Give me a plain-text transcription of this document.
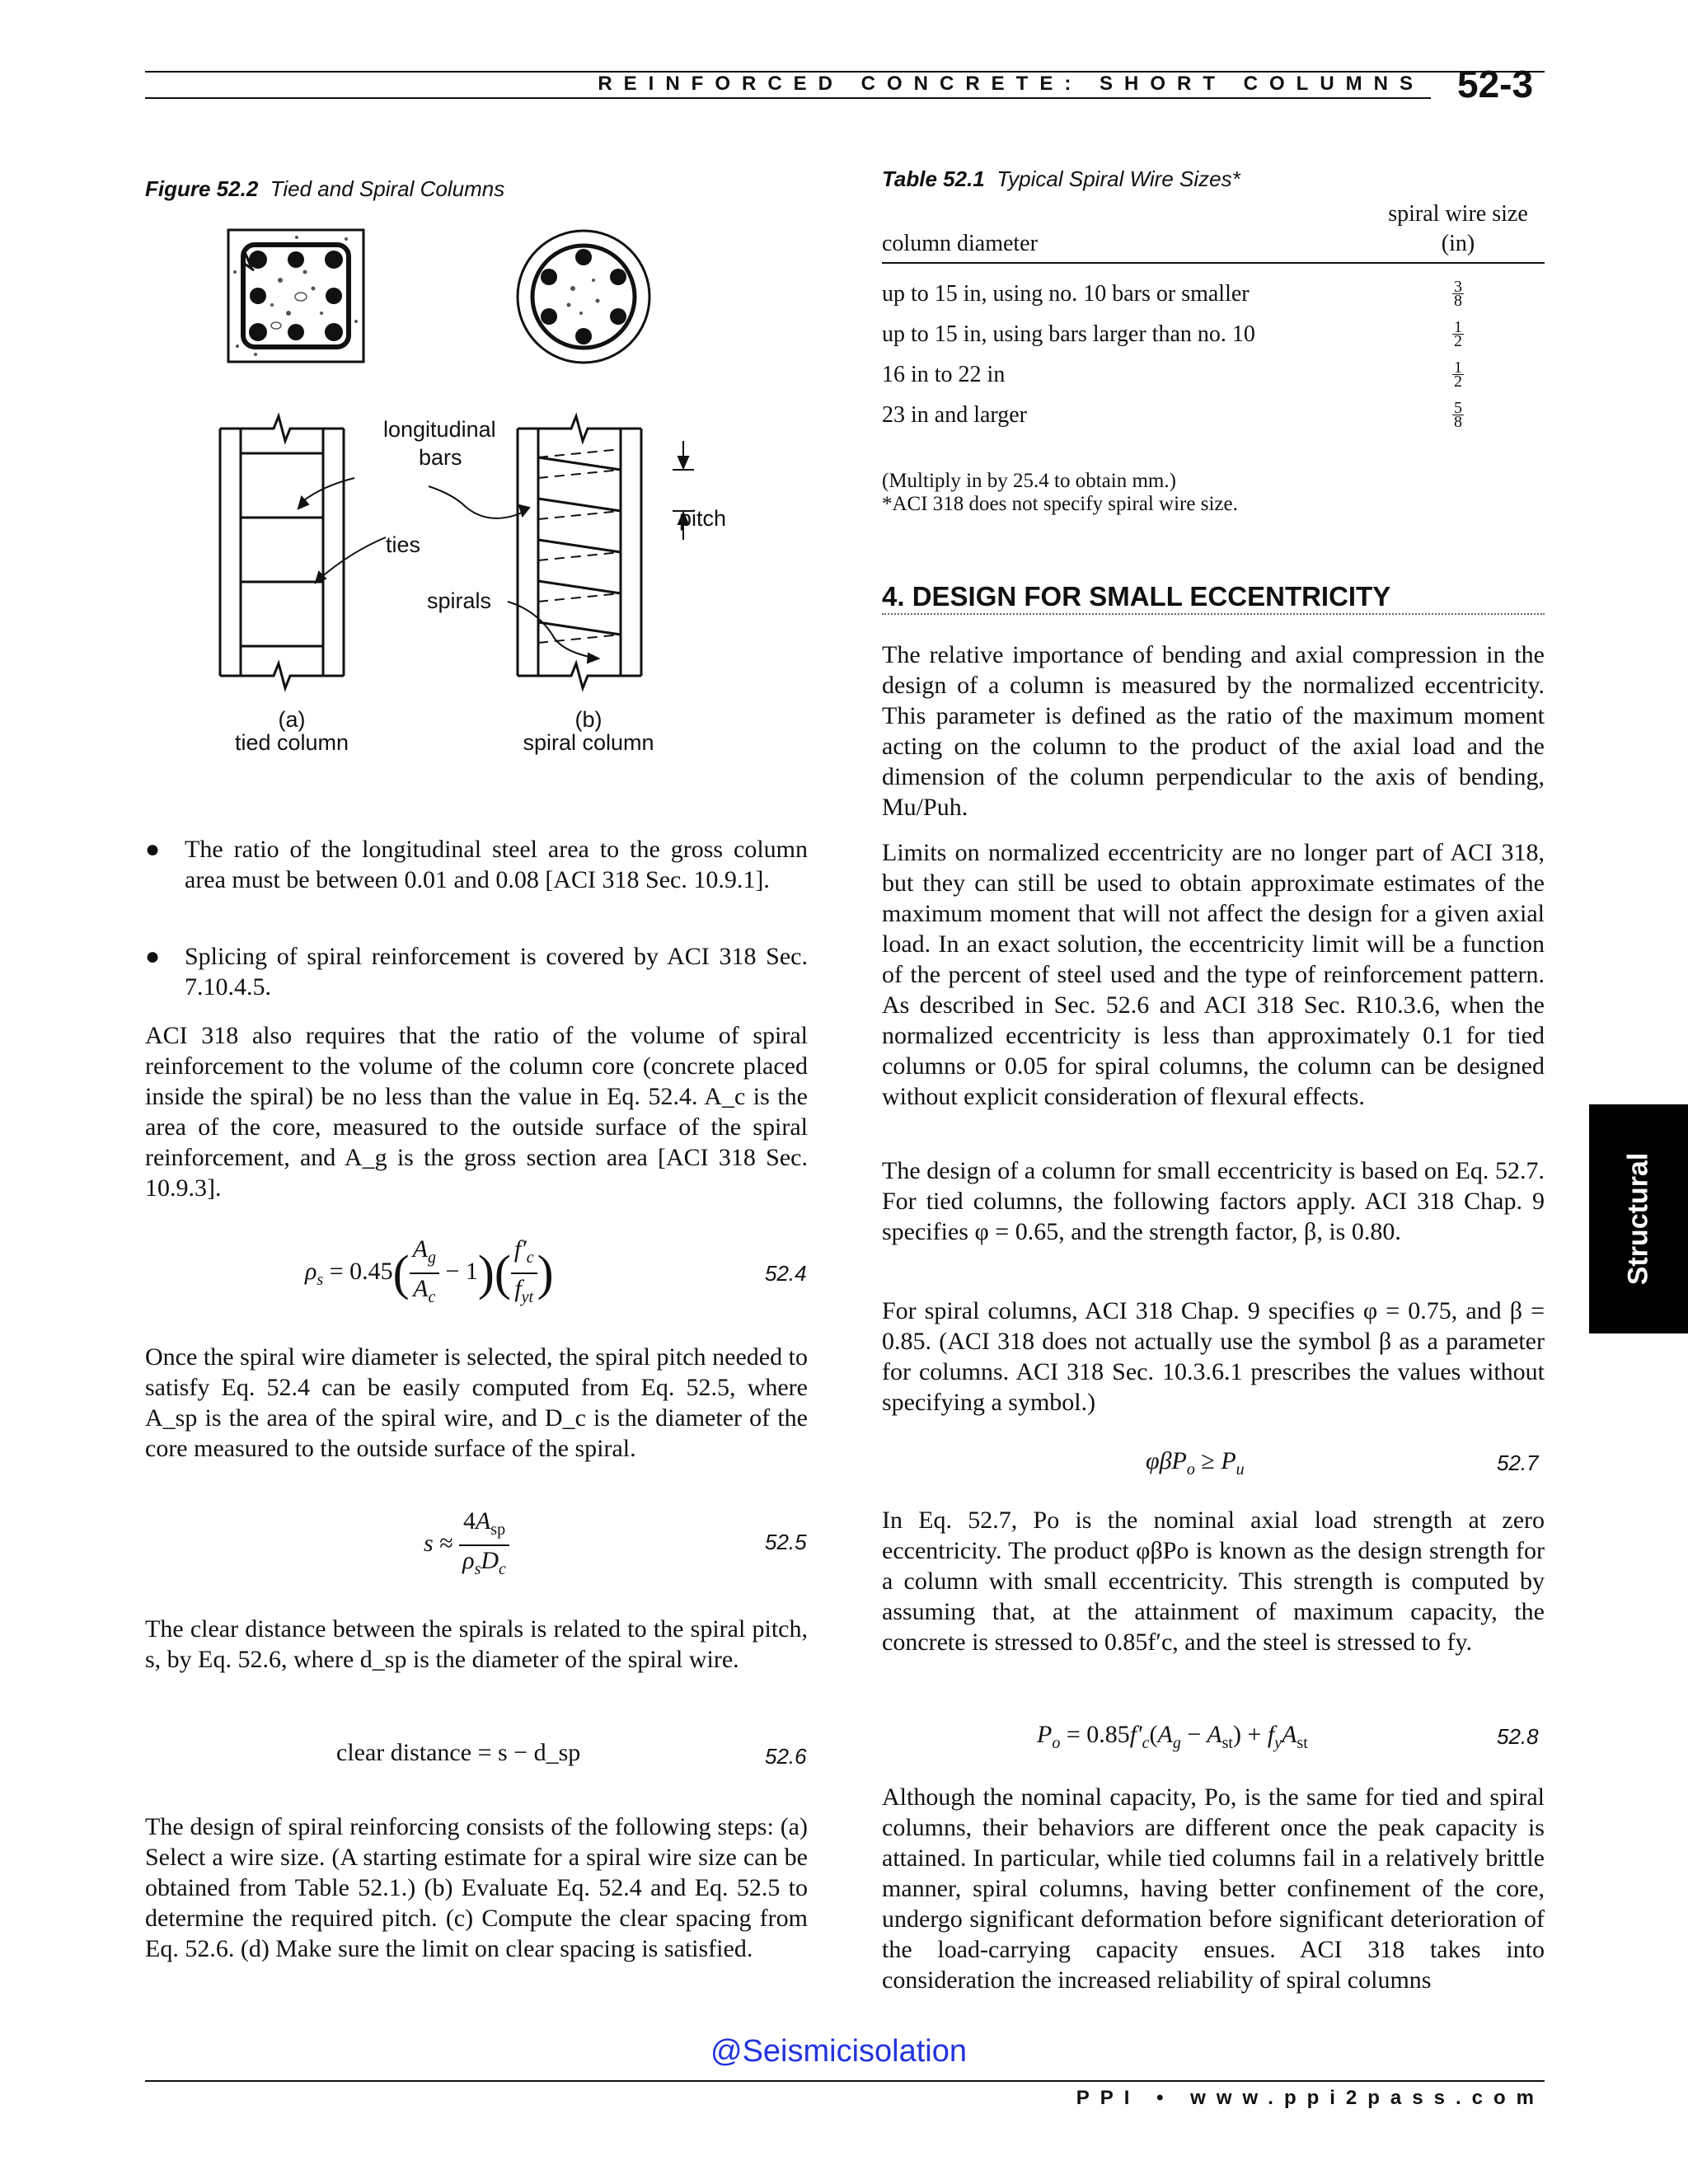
REINFORCED CONCRETE: SHORT COLUMNS 52-3
Figure 52.2 Tied and Spiral Columns
longitudinal
bars
ties
spirals
pitch
(a)
tied column
(b)
spiral column
Table 52.1 Typical Spiral Wire Sizes*
column diameter	spiral wire size
(in)

up to 15 in, using no. 10 bars or smaller	$\frac{3}{8}$
up to 15 in, using bars larger than no. 10	$\frac{1}{2}$
16 in to 22 in	$\frac{1}{2}$
23 in and larger	$\frac{5}{8}$
(Multiply in by 25.4 to obtain mm.)
*ACI 318 does not specify spiral wire size.
● The ratio of the longitudinal steel area to the gross column area must be between 0.01 and 0.08 [ACI 318 Sec. 10.9.1].
● Splicing of spiral reinforcement is covered by ACI 318 Sec. 7.10.4.5.

ACI 318 also requires that the ratio of the volume of spiral reinforcement to the volume of the column core (concrete placed inside the spiral) be no less than the value in Eq. 52.4. A_c is the area of the core, measured to the outside surface of the spiral reinforcement, and A_g is the gross section area [ACI 318 Sec. 10.9.3].

$\rho_s = 0.45( \frac{A_g}{A_c} - 1)( \frac{f'_c}{f_{yt}}$ )	52.4

Once the spiral wire diameter is selected, the spiral pitch needed to satisfy Eq. 52.4 can be easily computed from Eq. 52.5, where A_sp is the area of the spiral wire, and D_c is the diameter of the core measured to the outside surface of the spiral.

$s \approx \frac{4A_{sp}}{\rho_sD_c}$	52.5

The clear distance between the spirals is related to the spiral pitch, s, by Eq. 52.6, where d_sp is the diameter of the spiral wire.

clear distance = s − d_sp	52.6

The design of spiral reinforcing consists of the following steps: (a) Select a wire size. (A starting estimate for a spiral wire size can be obtained from Table 52.1.) (b) Evaluate Eq. 52.4 and Eq. 52.5 to determine the required pitch. (c) Compute the clear spacing from Eq. 52.6. (d) Make sure the limit on clear spacing is satisfied.

4. DESIGN FOR SMALL ECCENTRICITY

The relative importance of bending and axial compression in the design of a column is measured by the normalized eccentricity. This parameter is defined as the ratio of the maximum moment acting on the column to the product of the axial load and the dimension of the column perpendicular to the axis of bending, Mu/Puh.

Limits on normalized eccentricity are no longer part of ACI 318, but they can still be used to obtain approximate estimates of the maximum moment that will not affect the design for a given axial load. In an exact solution, the eccentricity limit will be a function of the percent of steel used and the type of reinforcement pattern. As described in Sec. 52.6 and ACI 318 Sec. R10.3.6, when the normalized eccentricity is less than approximately 0.1 for tied columns or 0.05 for spiral columns, the column can be designed without explicit consideration of flexural effects.

The design of a column for small eccentricity is based on Eq. 52.7. For tied columns, the following factors apply. ACI 318 Chap. 9 specifies φ = 0.65, and the strength factor, β, is 0.80.

For spiral columns, ACI 318 Chap. 9 specifies φ = 0.75, and β = 0.85. (ACI 318 does not actually use the symbol β as a parameter for columns. ACI 318 Sec. 10.3.6.1 prescribes the values without specifying a symbol.)

$\varphi\beta P_o \ge P_u$	52.7

In Eq. 52.7, Po is the nominal axial load strength at zero eccentricity. The product φβPo is known as the design strength for a column with small eccentricity. This strength is computed by assuming that, at the attainment of maximum capacity, the concrete is stressed to 0.85f′c, and the steel is stressed to fy.

$P_o = 0.85f'_c(A_g - A_{st}) + f_yA_{st}$	52.8

Although the nominal capacity, Po, is the same for tied and spiral columns, their behaviors are different once the peak capacity is attained. In particular, while tied columns fail in a relatively brittle manner, spiral columns, having better confinement of the core, undergo significant deformation before significant deterioration of the load-carrying capacity ensues. ACI 318 takes into consideration the increased reliability of spiral columns

Structural
@Seismicisolation
PPI • www.ppi2pass.com
